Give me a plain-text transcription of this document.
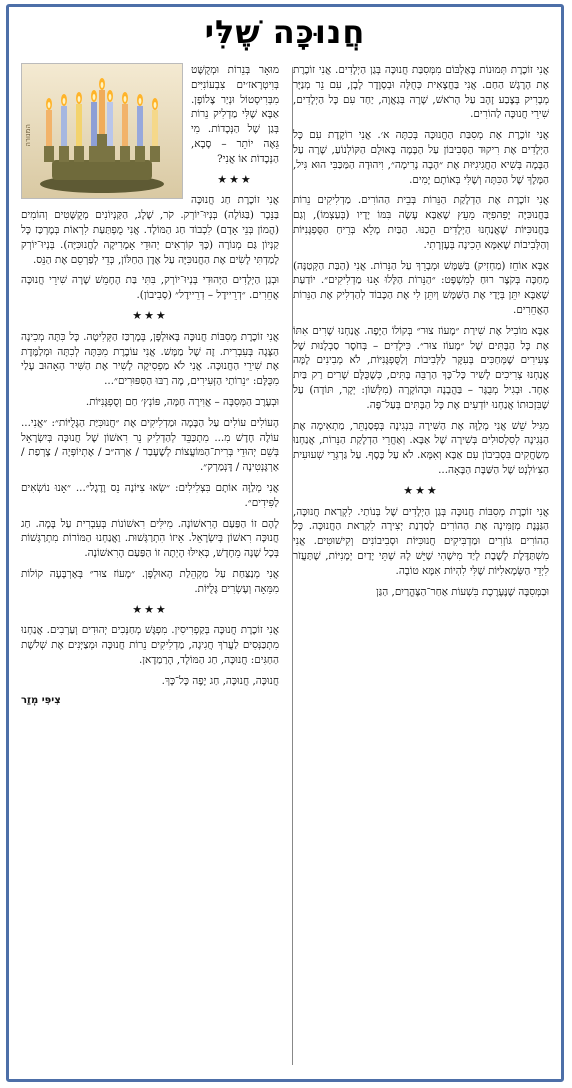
חֲנוּכָּה שֶׁלִּי

אֲנִי זוֹכֶרֶת תְּמוּנוֹת בָּאַלְבּוֹם מִמְּסִבַּת חֲנוּכָּה בְּגַן הַיְלָדִים. אֲנִי זוֹכֶרֶת אֶת הָרֶגֶשׁ הַחַם. אֲנִי בַּחֲצָאִית כְּחֻלָּה וּבְסְוֶדֶר לָבָן, עִם נֵר מְנַיָּר מְבָרִיק בְּצֶבַע זָהָב עַל הָרֹאשׁ, שָׁרָה בְּגַאֲוָה, יַחַד עִם כָּל הַיְלָדִים, שִׁירֵי חֲנוּכָּה לַהוֹרִים.

אֲנִי זוֹכֶרֶת אֶת מְסִבַּת הַחֲנוּכָּה בְּכִתָּה א׳. אֲנִי רוֹקֶדֶת עִם כָּל הַיְלָדִים אֶת רִיקוּד הַסְּבִיבוֹן עַל הַבָּמָה בָּאוּלָם הַקּוֹלְנוֹעַ, שָׁרָה עַל הַבָּמָה בְּשִׁיא הַחֲגִיגִיּוּת אֶת ״הָבָה נָרִימָה״, וִיהוּדָה הַמַּכַּבִּי הוּא גִּיל, הַמֶּלֶךְ שֶׁל הַכִּתָּה וְשֶׁלִּי בְּאוֹתָם יָמִים.

אֲנִי זוֹכֶרֶת אֶת הַדְלָקַת הַנֵּרוֹת בְּבֵית הַהוֹרִים. מַדְלִיקִים נֵרוֹת בַּחֲנוּכִּיָּה יָפֵהפִיָּה מֵעֵץ שֶׁאַבָּא עָשָׂה בִּמּוֹ יָדָיו (בְּעַצְמוֹ), וְגַם בַּחֲנוּכִּיּוֹת שֶׁאֲנַחְנוּ הַיְלָדִים הֵכַנּוּ. הַבַּיִת מָלֵא בְּרֵיחַ הַסֻּפְגָּנִיּוֹת וְהַלְּבִיבוֹת שֶׁאִמָּא הֵכִינָה בְּעֶזְרָתִי.

אַבָּא אוֹחֵז (מַחְזִיק) בַּשַּׁמָּשׁ וּמְבָרֵךְ עַל הַנֵּרוֹת. אֲנִי (הַבַּת הַקְּטַנָּה) מְחַכָּה בְּקֹצֶר רוּחַ לְמִשְׁפָּט: ״הַנֵּרוֹת הַלָּלוּ אָנוּ מַדְלִיקִים״. יוֹדַעַת שֶׁאַבָּא יִתֵּן בְּיָדַי אֶת הַשַּׁמָּשׁ וְיִתֵּן לִי אֶת הַכָּבוֹד לְהַדְלִיק אֶת הַנֵּרוֹת הָאֲחֵרִים.

אַבָּא מוֹבִיל אֶת שִׁירַת ״מָעוֹז צוּר״ בְּקוֹלוֹ הַיָּפֶה. אֲנַחְנוּ שָׁרִים אִתּוֹ אֶת כָּל הַבָּתִּים שֶׁל ״מָעוֹז צוּר״. כִּילָדִים – בְּחֹסֶר סַבְלָנוּת שֶׁל צְעִירִים שֶׁמְּחַכִּים בְּעִקָּר לַלְּבִיבוֹת וְלַסֻּפְגָּנִיּוֹת, לֹא מְבִינִים לָמָּה אֲנַחְנוּ צְרִיכִים לָשִׁיר כָּל־כָּךְ הַרְבֵּה בָּתִּים, כְּשֶׁכֻּלָּם שָׁרִים רַק בַּיִת אֶחָד. וּבְגִיל מְבֻגָּר – בַּהֲבָנָה וּבְהוֹקָרָה (מִלְּשׁוֹן: יְקָר, תּוֹדָה) עַל שֶׁבִּזְכוּתוֹ אֲנַחְנוּ יוֹדְעִים אֶת כָּל הַבָּתִּים בְּעַל־פֶּה.

מִגִּיל שֵׁשׁ אֲנִי מְלַוָּה אֶת הַשִּׁירָה בִּנְגִינָה בְּפְסַנְתֵּר, מַתְאִימָה אֶת הַנְּגִינָה לְסִלְסוּלִים בְּשִׁירָה שֶׁל אַבָּא. וְאַחֲרֵי הַדְלָקַת הַנֵּרוֹת, אֲנַחְנוּ מְשַׂחֲקִים בִּסְבִיבוֹן עִם אַבָּא וְאִמָּא. לֹא עַל כֶּסֶף. עַל גַּרְגְּרֵי שְׁעוּעִית הַצִּ׳וֹלְנְט שֶׁל הַשַּׁבָּת הַבָּאָה...

★★★

אֲנִי זוֹכֶרֶת מְסִבּוֹת חֲנוּכָּה בְּגַן הַיְלָדִים שֶׁל בְּנוֹתַי. לִקְרַאת חֲנוּכָּה, הַגַּנֶּנֶת מְזַמִּינָה אֶת הַהוֹרִים לְסַדְנַת יְצִירָה לִקְרַאת הַחֲנוּכָּה. כָּל הַהוֹרִים גּוֹזְרִים וּמַדְבִּיקִים חֲנוּכִּיּוֹת וּסְבִיבוֹנִים וְקִישׁוּטִים. אֲנִי מִשְׁתַּדֶּלֶת לָשֶׁבֶת לְיַד מִישֶׁהִי שֶׁיֵּשׁ לָהּ שְׁתֵּי יָדַיִם יְמָנִיּוֹת, שֶׁתַּעֲזֹר לִיְדֵי הַשְּׂמָאלִיּוֹת שֶׁלִּי לִהְיוֹת אִמָּא טוֹבָה.

וּבַמְּסִבָּה שֶׁנֶּעֶרֶכֶת בִּשְׁעוֹת אַחַר־הַצָּהֳרַיִם, הַגַּן

המנורה

מוּאָר בְּנֵרוֹת וּמְקֻשָּׁט בְּוִיטְרָאז׳ים צִבְעוֹנִיִּים מִבְּרִיסְטוֹל וּנְיַר צֶלוֹפָן. אַבָּא שֶׁלִּי מַדְלִיק נֵרוֹת בְּגַן שֶׁל הַנְּכָדוֹת. מִי גֵּאֶה יוֹתֵר – סָבָא, הַנְּכָדוֹת אוֹ אֲנִי?

★★★

אֲנִי זוֹכֶרֶת חַג חֲנוּכָּה בַּנֵּכָר (בַּגּוֹלָה) בְּנְיוּ־יוֹרְק. קֹר, שֶׁלֶג, הַקַּנְיוֹנִים מְקֻשָּׁטִים וְהוֹמִים (הֲמוֹן בְּנֵי אָדָם) לִכְבוֹד חַג הַמּוֹלָד. אֲנִי מֻפְתַּעַת לִרְאוֹת בְּמֶרְכַּז כָּל קַנְיוֹן גַּם מְנוֹרָה (כָּךְ קוֹרְאִים יְהוּדֵי אָמֶרִיקָה לַחֲנוּכִּיָּה). בְּנְיוּ־יוֹרְק לָמַדְתִּי לָשִׂים אֶת הַחֲנוּכִּיָּה עַל אֶדֶן הַחַלּוֹן, כְּדֵי לְפַרְסֵם אֶת הַנֵּס.

וּבְגַן הַיְלָדִים הַיְּהוּדִי בְּנְיוּ־יוֹרְק, בִּתִּי בַּת הֶחָמֵשׁ שָׁרָה שִׁירֵי חֲנוּכָּה אֲחֵרִים. ״דְרֵיידֶל – דְרֵיידֶל״ (סְבִיבוֹן).

★★★

אֲנִי זוֹכֶרֶת מְסִבּוֹת חֲנוּכָּה בָּאוּלְפָּן, בְּמֶרְכַּז הַקְּלִיטָה. כָּל כִּתָּה מְכִינָה הַצָּגָה בְּעִבְרִית. זֶה שֶׁל מַמָּשׁ. אֲנִי עוֹבֶרֶת מִכִּתָּה לְכִתָּה וּמְלַמֶּדֶת אֶת שִׁירֵי הַחֲנוּכָּה. אֲנִי לֹא מַפְסִיקָה לָשִׁיר אֶת הַשִּׁיר הָאָהוּב עָלַי מִכֻּלָּם: ״נֵרוֹתַי הַזְּעִירִים, מָה רַבּוּ הַסִּפּוּרִים״...

וּבְעֶרֶב הַמְּסִבָּה – אֲוִירָה חַמָּה, פּוֹנְץ׳ חַם וְסֻפְגָּנִיּוֹת.

הָעוֹלִים עוֹלִים עַל הַבָּמָה וּמַדְלִיקִים אֶת ״חֲנוּכִּיַּת הַגָּלֻיּוֹת״: ״אֲנִי... עוֹלֶה חָדָשׁ מִ... מִתְכַּבֵּד לְהַדְלִיק נֵר רִאשׁוֹן שֶׁל חֲנוּכָּה בְּיִשְׂרָאֵל בְּשֵׁם יְהוּדֵי בְּרִית־הַמּוֹעֲצוֹת לְשֶׁעָבַר / אַרְה״ב / אֶתְיוֹפְּיָה / צָרְפַת / אַרְגֶּנְטִינָה / דֶּנְמַרְק״.

אֲנִי מְלַוָּה אוֹתָם בִּצְלִילִים: ״שְׂאוּ צִיּוֹנָה נֵס וָדֶגֶל״... ״אָנוּ נוֹשְׂאִים לַפִּידִים״.

לָהֶם זוֹ הַפַּעַם הָרִאשׁוֹנָה. מִילִּים רִאשׁוֹנוֹת בְּעִבְרִית עַל בָּמָה. חַג חֲנוּכָּה רִאשׁוֹן בְּיִשְׂרָאֵל. אֵיזוֹ הִתְרַגְּשׁוּת. וַאֲנַחְנוּ הַמּוֹרוֹת מִתְרַגְּשׁוֹת בְּכָל שָׁנָה מֵחָדָשׁ, כְּאִילּוּ הָיְתָה זוֹ הַפַּעַם הָרִאשׁוֹנָה.

אֲנִי מְנַצַּחַת עַל מַקְהֵלַת הָאוּלְפָּן. ״מָעוֹז צוּר״ בְּאַרְבָּעָה קוֹלוֹת מִמֵּאָה וְעֶשְׂרִים גָּלֻיּוֹת.

★★★

אֲנִי זוֹכֶרֶת חֲנוּכָּה בְּקַפְרִיסִין. מִפְגָּשׁ מְחַנְּכִים יְהוּדִים וְעַרְבִים. אֲנַחְנוּ מִתְכַּנְּסִים לַעֲרֹךְ חֲגִיגָה, מַדְלִיקִים נֵרוֹת חֲנוּכָּה וּמְצַיְּנִים אֶת שְׁלֹשֶׁת הַחַגִּים: חֲנוּכָּה, חַג הַמּוֹלָד, הָרַמַדָאן.

חֲנוּכָּה, חֲנוּכָּה, חַג יָפֶה כָּל־כָּךְ.

צִיפִּי מְזַר
